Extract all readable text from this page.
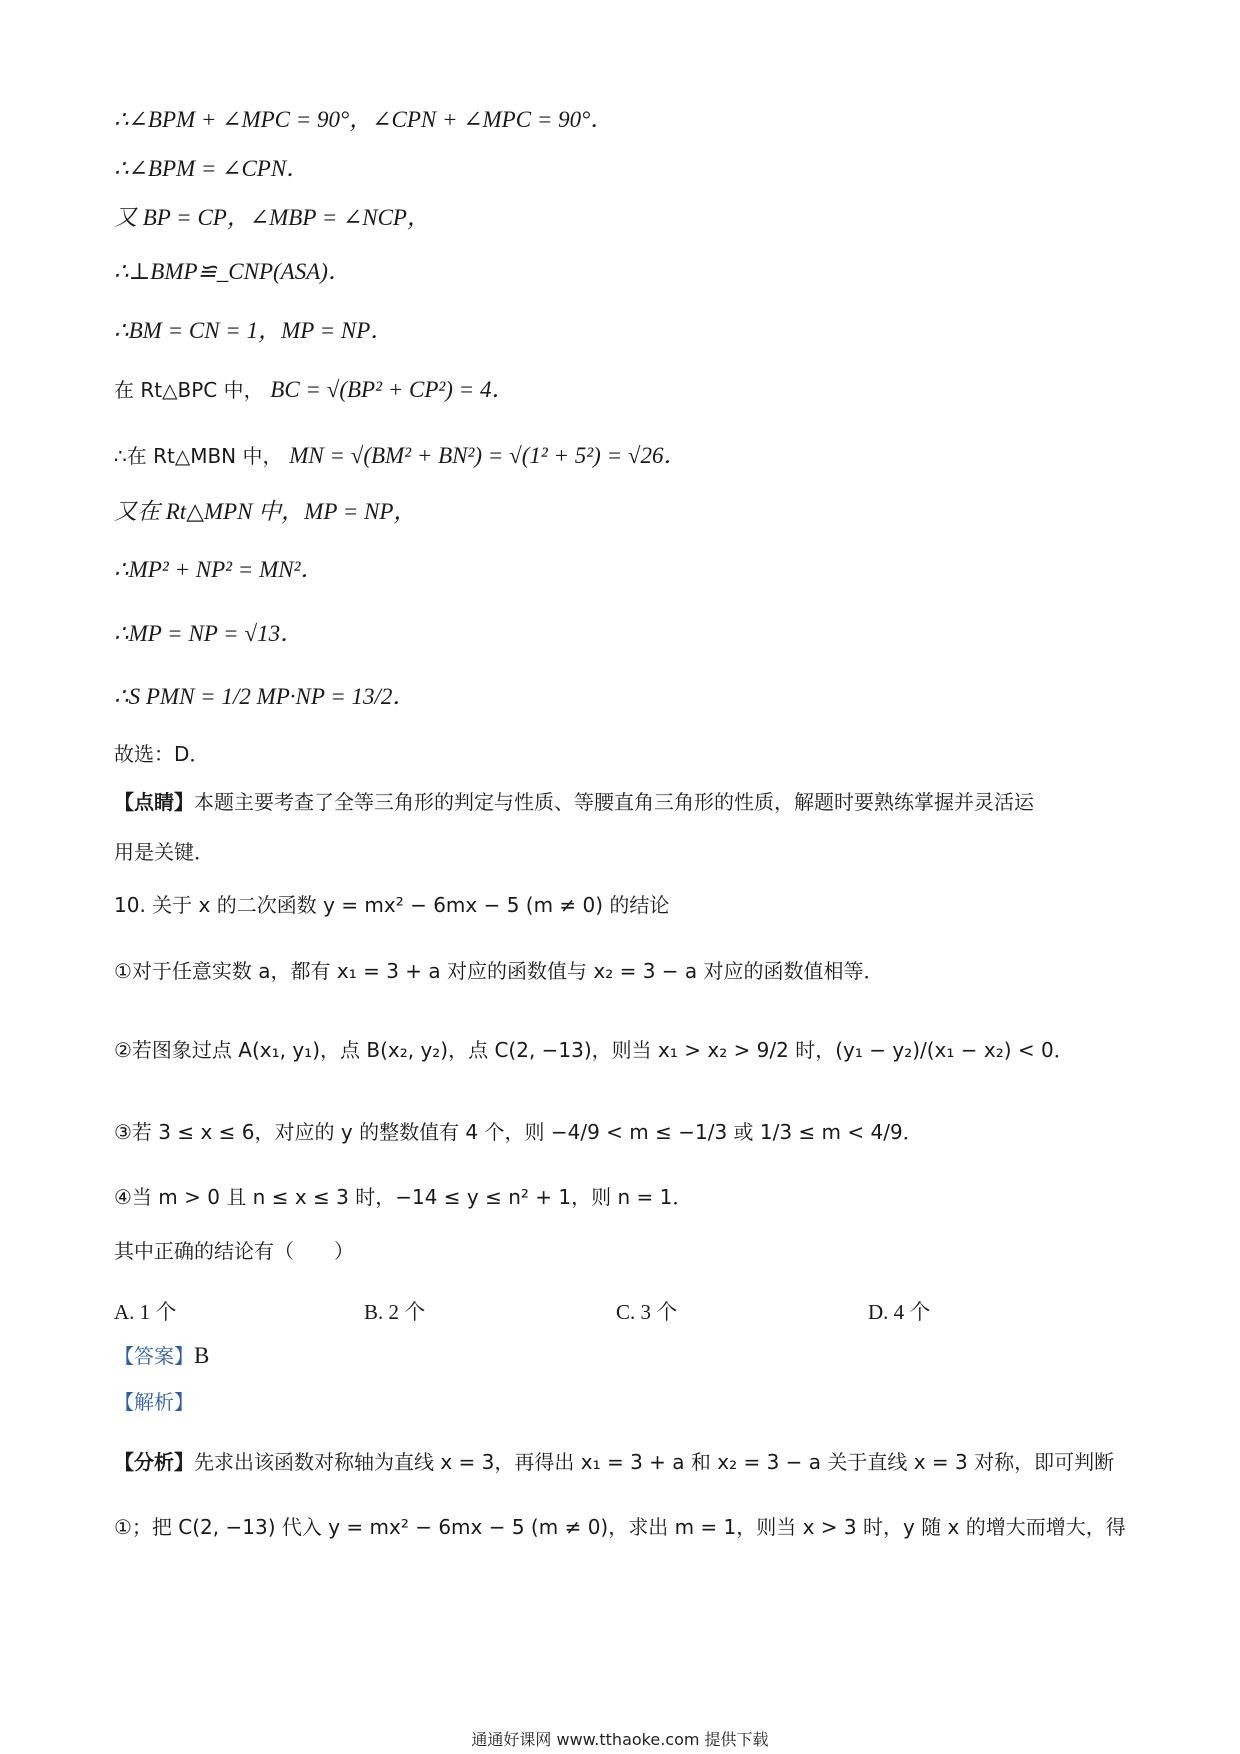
∴∠BPM + ∠MPC = 90°，∠CPN + ∠MPC = 90°．
∴∠BPM = ∠CPN．
又 BP = CP，∠MBP = ∠NCP，
∴⊥BMP≌_CNP(ASA)．
∴BM = CN = 1，MP = NP．
在 Rt△BPC 中， BC = √(BP² + CP²) = 4．
∴在 Rt△MBN 中， MN = √(BM² + BN²) = √(1² + 5²) = √26．
又在 Rt△MPN 中，MP = NP，
∴MP² + NP² = MN²．
∴MP = NP = √13．
∴S PMN = 1/2 MP·NP = 13/2．
故选：D．
【点睛】本题主要考查了全等三角形的判定与性质、等腰直角三角形的性质，解题时要熟练掌握并灵活运
用是关键．
10. 关于 x 的二次函数 y = mx² − 6mx − 5 (m ≠ 0) 的结论
①对于任意实数 a，都有 x₁ = 3 + a 对应的函数值与 x₂ = 3 − a 对应的函数值相等．
②若图象过点 A(x₁, y₁)，点 B(x₂, y₂)，点 C(2, −13)，则当 x₁ > x₂ > 9/2 时，(y₁ − y₂)/(x₁ − x₂) < 0．
③若 3 ≤ x ≤ 6，对应的 y 的整数值有 4 个，则 −4/9 < m ≤ −1/3 或 1/3 ≤ m < 4/9．
④当 m > 0 且 n ≤ x ≤ 3 时，−14 ≤ y ≤ n² + 1，则 n = 1．
其中正确的结论有（　　）
A. 1 个	B. 2 个	C. 3 个	D. 4 个
【答案】B
【解析】
【分析】先求出该函数对称轴为直线 x = 3，再得出 x₁ = 3 + a 和 x₂ = 3 − a 关于直线 x = 3 对称，即可判断
①；把 C(2, −13) 代入 y = mx² − 6mx − 5 (m ≠ 0)，求出 m = 1，则当 x > 3 时，y 随 x 的增大而增大，得
通通好课网 www.tthaoke.com 提供下载
